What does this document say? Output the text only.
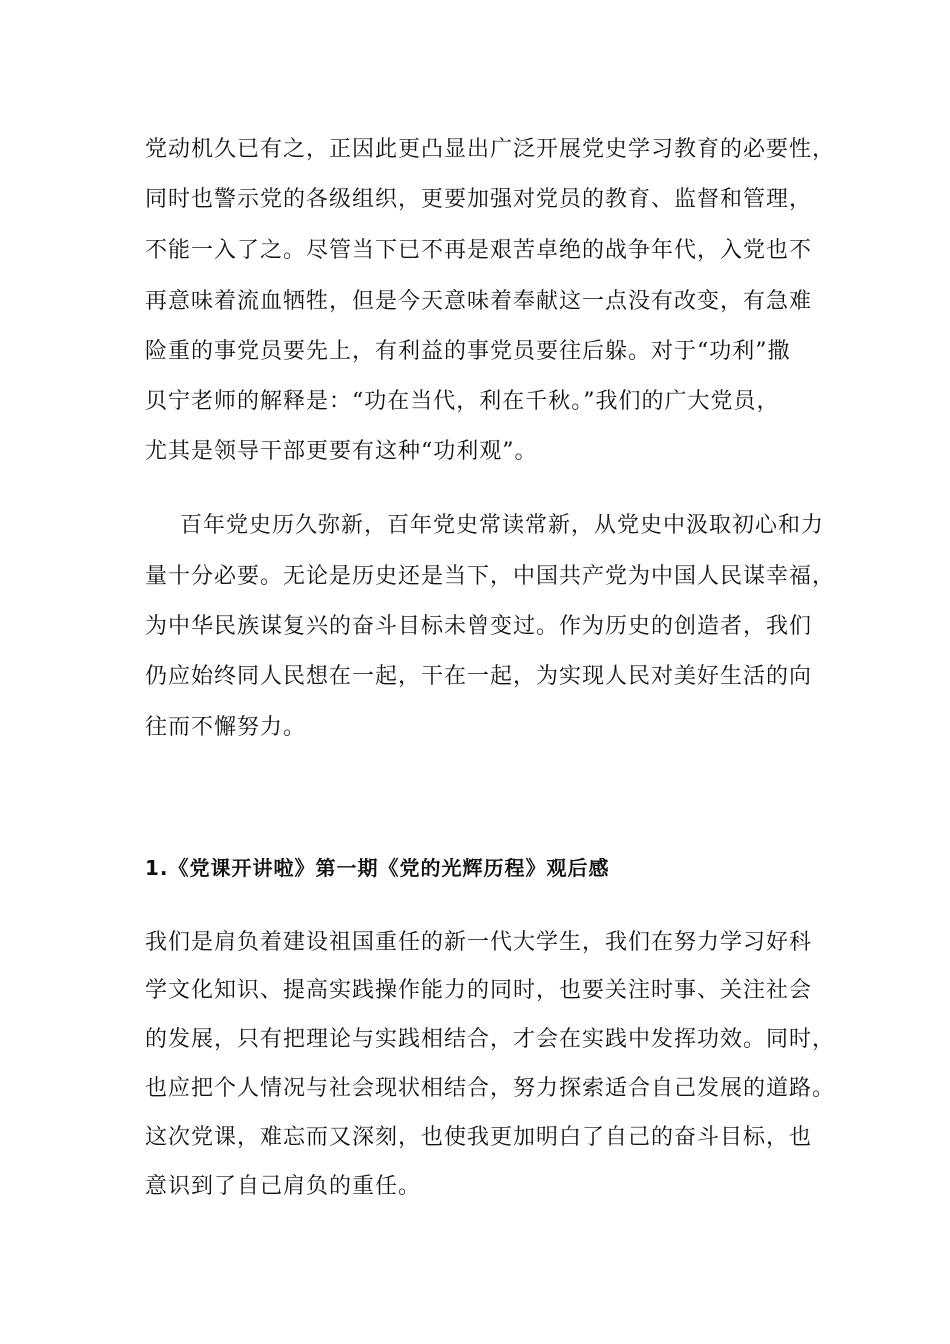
党动机久已有之，正因此更凸显出广泛开展党史学习教育的必要性，
同时也警示党的各级组织，更要加强对党员的教育、监督和管理，
不能一入了之。尽管当下已不再是艰苦卓绝的战争年代，入党也不
再意味着流血牺牲，但是今天意味着奉献这一点没有改变，有急难
险重的事党员要先上，有利益的事党员要往后躲。对于“功利”撒
贝宁老师的解释是：“功在当代，利在千秋。”我们的广大党员，
尤其是领导干部更要有这种“功利观”。
百年党史历久弥新，百年党史常读常新，从党史中汲取初心和力
量十分必要。无论是历史还是当下，中国共产党为中国人民谋幸福，
为中华民族谋复兴的奋斗目标未曾变过。作为历史的创造者，我们
仍应始终同人民想在一起，干在一起，为实现人民对美好生活的向
往而不懈努力。
1.《党课开讲啦》第一期《党的光辉历程》观后感
我们是肩负着建设祖国重任的新一代大学生，我们在努力学习好科
学文化知识、提高实践操作能力的同时，也要关注时事、关注社会
的发展，只有把理论与实践相结合，才会在实践中发挥功效。同时，
也应把个人情况与社会现状相结合，努力探索适合自己发展的道路。
这次党课，难忘而又深刻，也使我更加明白了自己的奋斗目标，也
意识到了自己肩负的重任。
